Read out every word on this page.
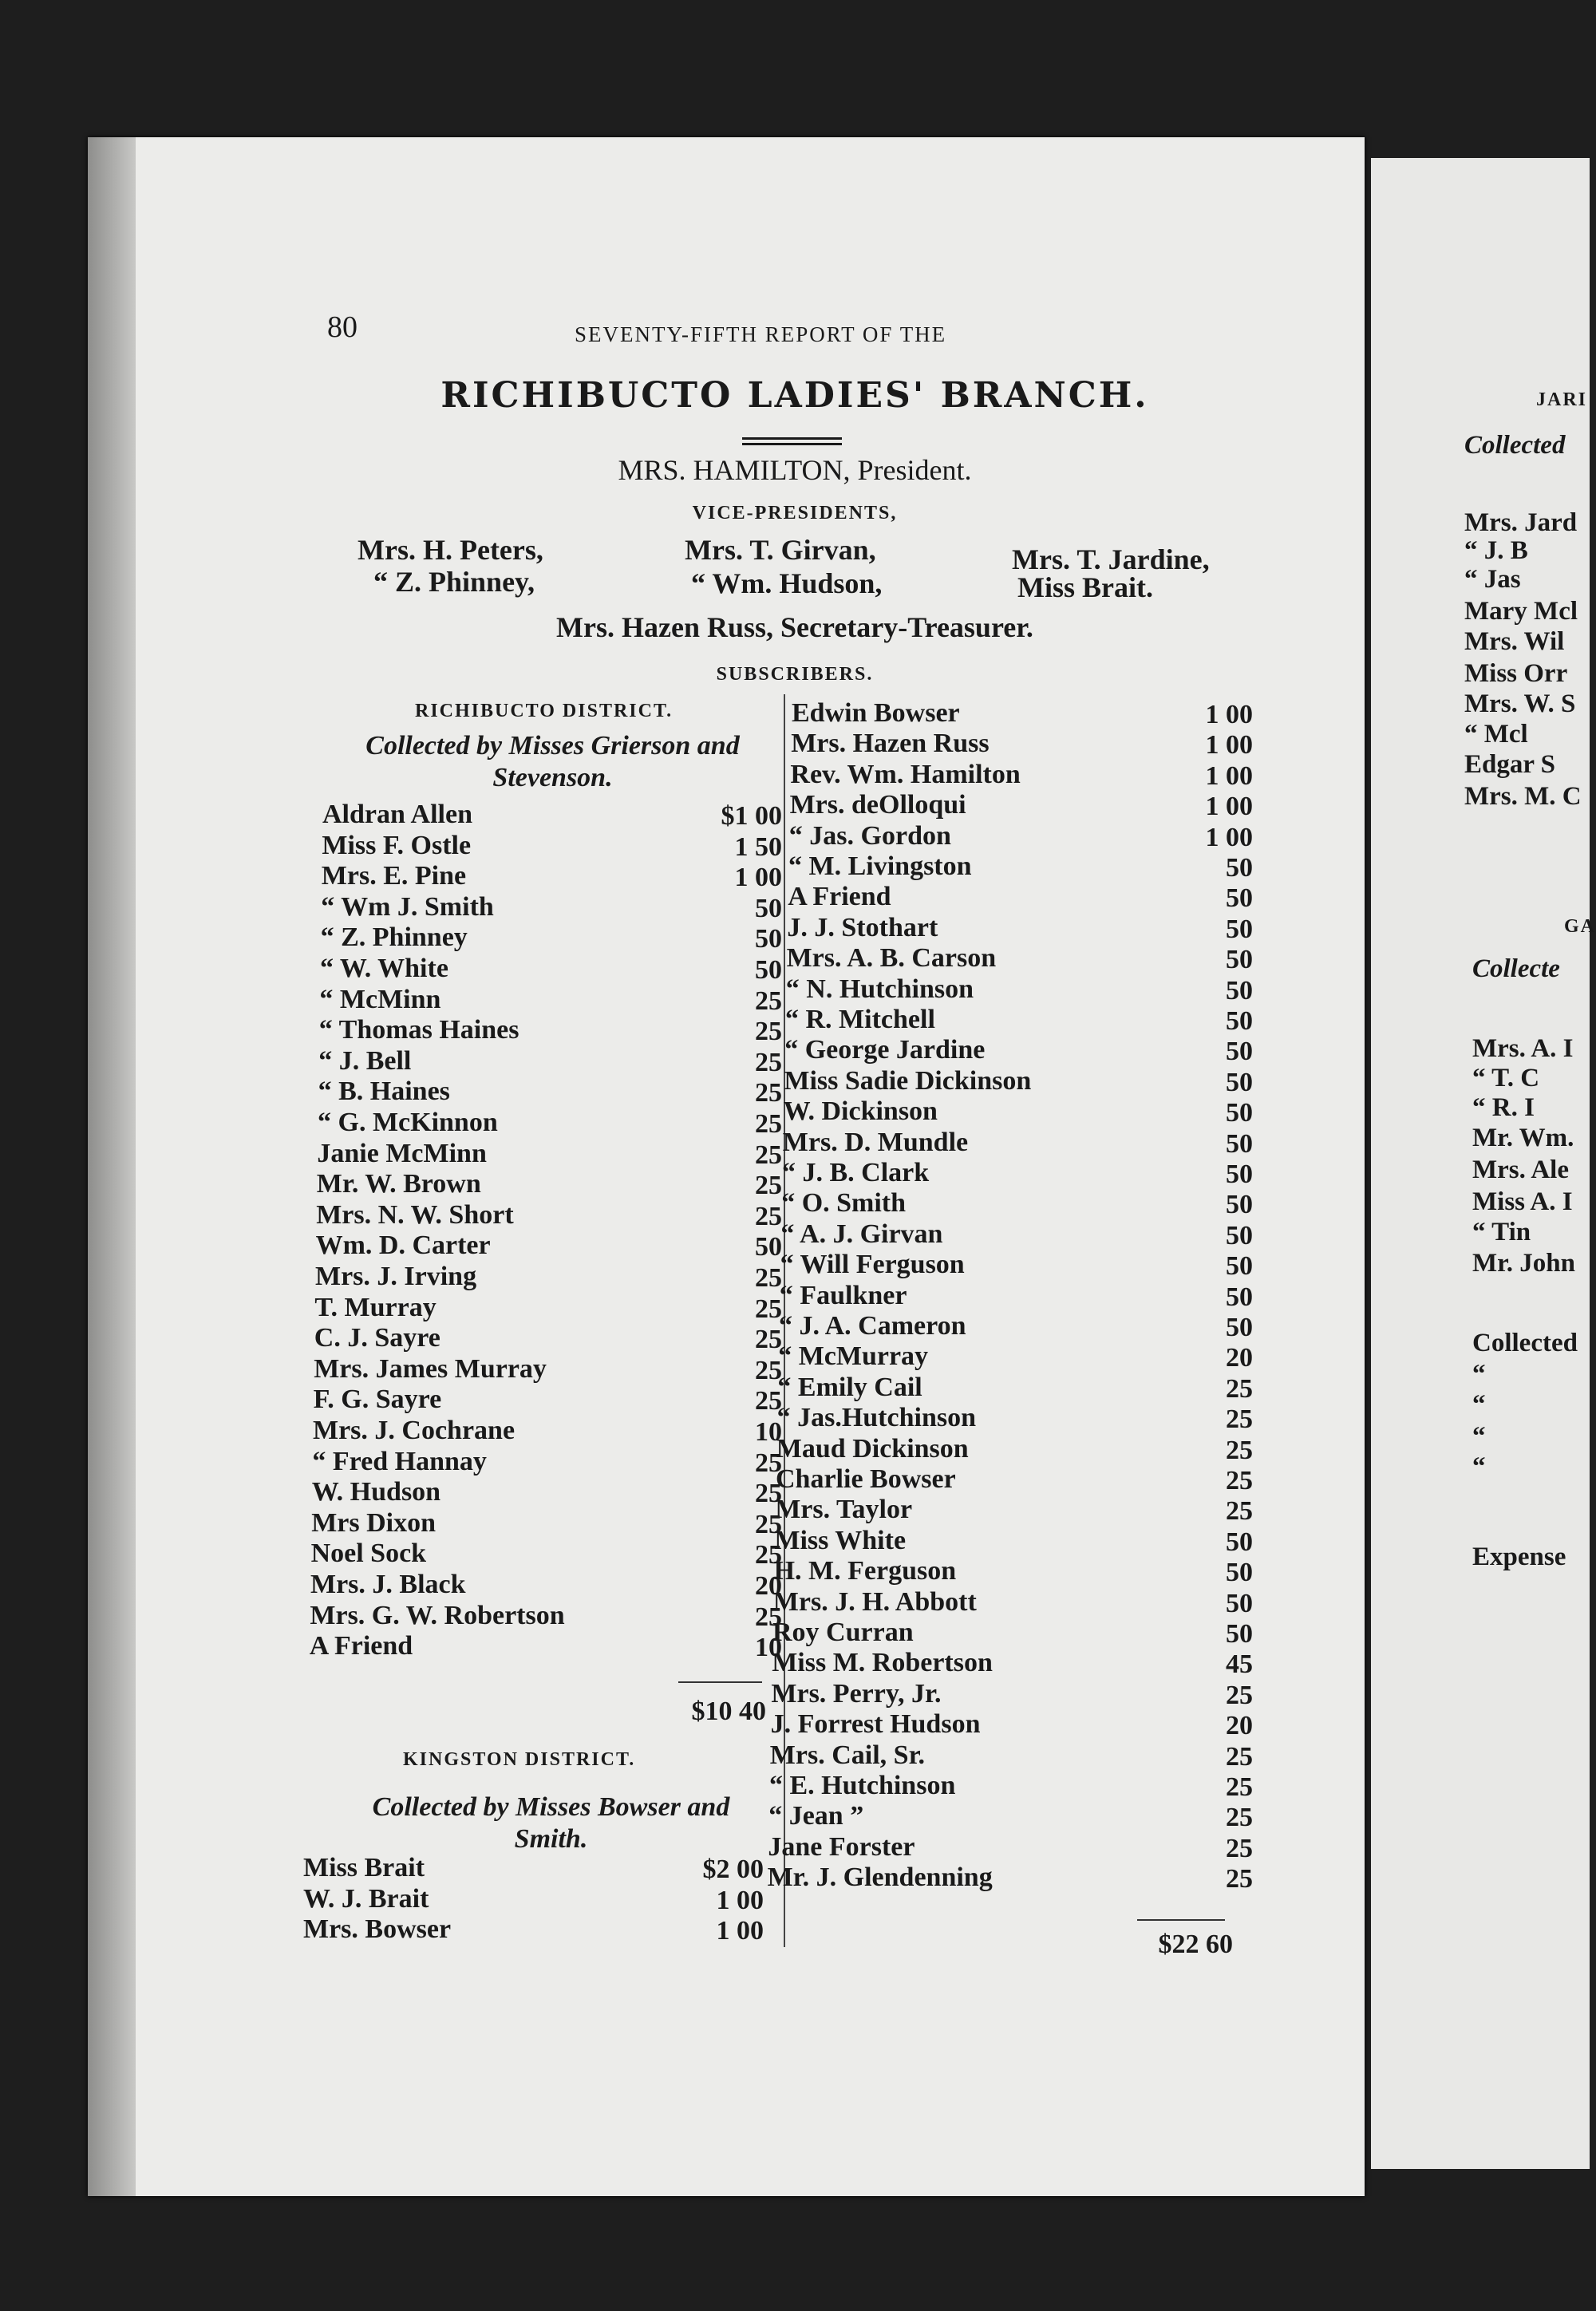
JARI
Collected
Mrs. Jard
“ J. B
“ Jas
Mary Mcl
Mrs. Wil
Miss Orr
Mrs. W. S
“ Mcl
Edgar S
Mrs. M. C
GA
Collecte
Mrs. A. I
“ T. C
“ R. I
Mr. Wm.
Mrs. Ale
Miss A. I
“ Tin
Mr. John
Collected
“
“
“
“
Expense
80	SEVENTY-FIFTH REPORT OF THE
RICHIBUCTO LADIES' BRANCH.
MRS. HAMILTON, President.
VICE-PRESIDENTS,
Mrs. H. Peters,	Mrs. T. Girvan,	Mrs. T. Jardine,
“ Z. Phinney,	“ Wm. Hudson,	Miss Brait.
Mrs. Hazen Russ, Secretary-Treasurer.
SUBSCRIBERS.
RICHIBUCTO DISTRICT.
Collected by Misses Grierson and
Stevenson.
Aldran Allen	$1 00
Miss F. Ostle	1 50
Mrs. E. Pine	1 00
“ Wm J. Smith	50
“ Z. Phinney	50
“ W. White	50
“ McMinn	25
“ Thomas Haines	25
“ J. Bell	25
“ B. Haines	25
“ G. McKinnon	25
Janie McMinn	25
Mr. W. Brown	25
Mrs. N. W. Short	25
Wm. D. Carter	50
Mrs. J. Irving	25
T. Murray	25
C. J. Sayre	25
Mrs. James Murray	25
F. G. Sayre	25
Mrs. J. Cochrane	10
“ Fred Hannay	25
W. Hudson	25
Mrs Dixon	25
Noel Sock	25
Mrs. J. Black	20
Mrs. G. W. Robertson	25
A Friend	10
$10 40
KINGSTON DISTRICT.
Collected by Misses Bowser and
Smith.
Miss Brait	$2 00
W. J. Brait	1 00
Mrs. Bowser	1 00
Edwin Bowser	1 00
Mrs. Hazen Russ	1 00
Rev. Wm. Hamilton	1 00
Mrs. deOlloqui	1 00
“ Jas. Gordon	1 00
“ M. Livingston	50
A Friend	50
J. J. Stothart	50
Mrs. A. B. Carson	50
“ N. Hutchinson	50
“ R. Mitchell	50
“ George Jardine	50
Miss Sadie Dickinson	50
W. Dickinson	50
Mrs. D. Mundle	50
“ J. B. Clark	50
“ O. Smith	50
“ A. J. Girvan	50
“ Will Ferguson	50
“ Faulkner	50
“ J. A. Cameron	50
“ McMurray	20
“ Emily Cail	25
“ Jas.Hutchinson	25
Maud Dickinson	25
Charlie Bowser	25
Mrs. Taylor	25
Miss White	50
H. M. Ferguson	50
Mrs. J. H. Abbott	50
Roy Curran	50
Miss M. Robertson	45
Mrs. Perry, Jr.	25
J. Forrest Hudson	20
Mrs. Cail, Sr.	25
“ E. Hutchinson	25
“ Jean ”	25
Jane Forster	25
Mr. J. Glendenning	25
$22 60
